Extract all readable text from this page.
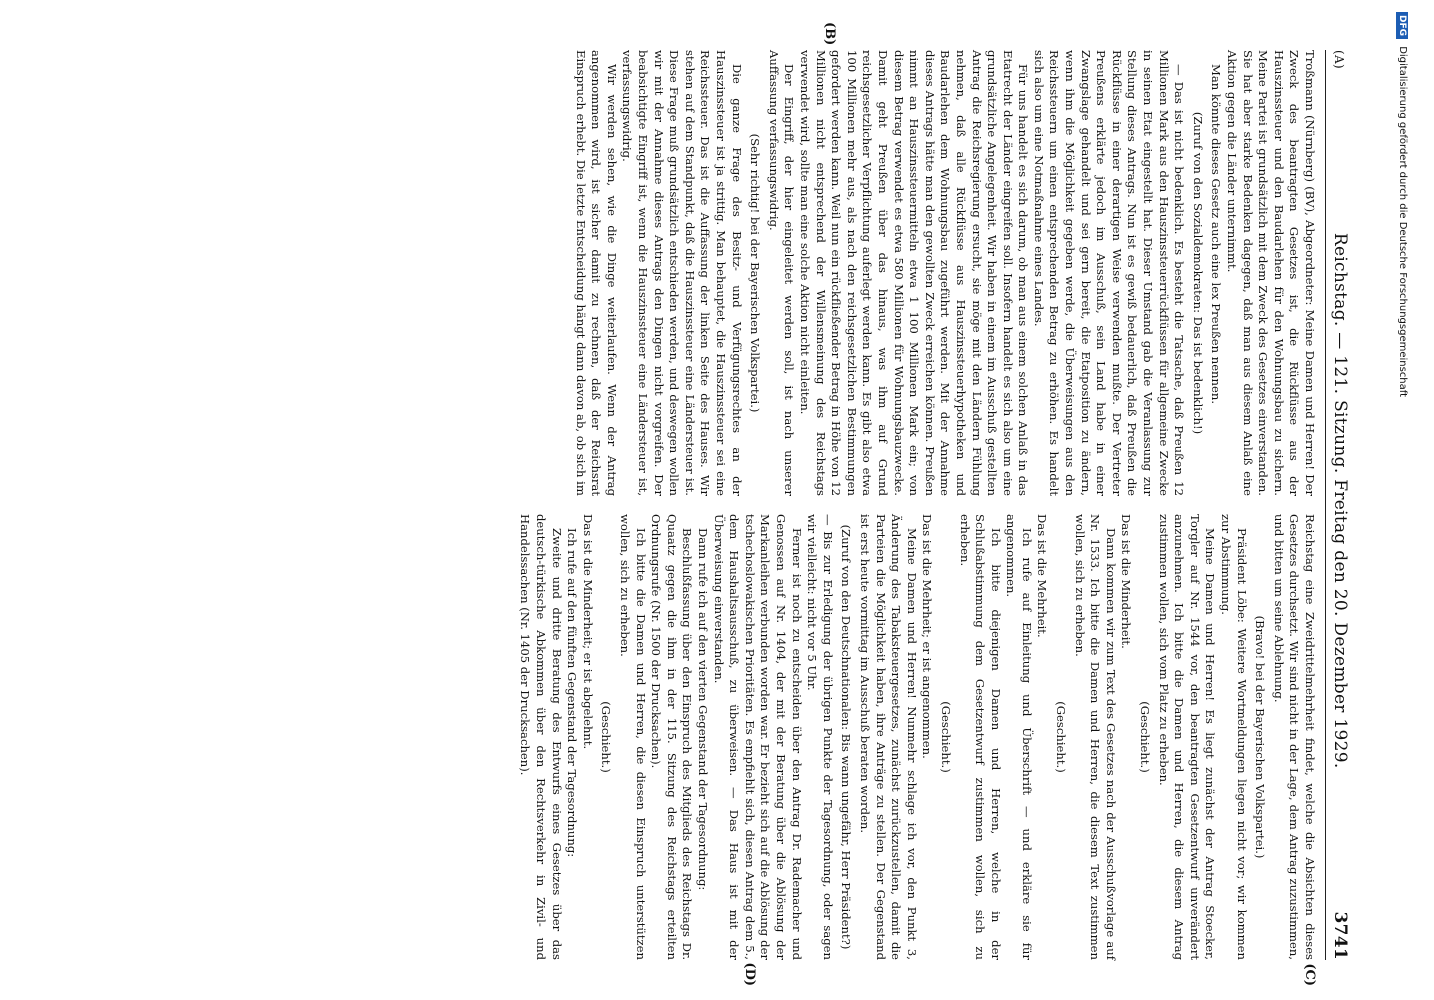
(A)
Reichstag. — 121. Sitzung. Freitag den 20. Dezember 1929.
3741
(B)
(C)
(D)

Troßmann (Nürnberg) (BV), Abgeordneter: Meine Damen und Herren! Der Zweck des beantragten Gesetzes ist, die Rückflüsse aus der Hauszinssteuer und den Baudarlehen für den Wohnungsbau zu sichern. Meine Partei ist grundsätzlich mit dem Zweck des Gesetzes einverstanden. Sie hat aber starke Bedenken dagegen, daß man aus diesem Anlaß eine Aktion gegen die Länder unternimmt.

Man könnte dieses Gesetz auch eine lex Preußen nennen.

(Zuruf von den Sozialdemokraten: Das ist bedenklich!)

— Das ist nicht bedenklich. Es besteht die Tatsache, daß Preußen 12 Millionen Mark aus den Hauszinssteuerrückflüssen für allgemeine Zwecke in seinen Etat eingestellt hat. Dieser Umstand gab die Veranlassung zur Stellung dieses Antrags. Nun ist es gewiß bedauerlich, daß Preußen die Rückflüsse in einer derartigen Weise verwenden mußte. Der Vertreter Preußens erklärte jedoch im Ausschuß, sein Land habe in einer Zwangslage gehandelt und sei gern bereit, die Etatposition zu ändern, wenn ihm die Möglichkeit gegeben werde, die Überweisungen aus den Reichssteuern um einen entsprechenden Betrag zu erhöhen. Es handelt sich also um eine Notmaßnahme eines Landes.

Für uns handelt es sich darum, ob man aus einem solchen Anlaß in das Etatrecht der Länder eingreifen soll. Insofern handelt es sich also um eine grundsätzliche Angelegenheit. Wir haben in einem im Ausschuß gestellten Antrag die Reichsregierung ersucht, sie möge mit den Ländern Fühlung nehmen, daß alle Rückflüsse aus Hauszinssteuerhypotheken und Baudarlehen dem Wohnungsbau zugeführt werden. Mit der Annahme dieses Antrags hätte man den gewollten Zweck erreichen können. Preußen nimmt an Hauszinssteuermitteln etwa 1 100 Millionen Mark ein; von diesem Betrag verwendet es etwa 580 Millionen für Wohnungsbauzwecke. Damit geht Preußen über das hinaus, was ihm auf Grund reichsgesetzlicher Verpflichtung auferlegt werden kann. Es gibt also etwa 100 Millionen mehr aus, als nach den reichsgesetzlichen Bestimmungen gefordert werden kann. Weil nun ein rückfließender Betrag in Höhe von 12 Millionen nicht entsprechend der Willensmeinung des Reichstags verwendet wird, sollte man eine solche Aktion nicht einleiten.

Der Eingriff, der hier eingeleitet werden soll, ist nach unserer Auffassung verfassungswidrig.

(Sehr richtig! bei der Bayerischen Volkspartei.)

Die ganze Frage des Besitz- und Verfügungsrechtes an der Hauszinssteuer ist ja strittig. Man behauptet, die Hauszinssteuer sei eine Reichssteuer. Das ist die Auffassung der linken Seite des Hauses. Wir stehen auf dem Standpunkt, daß die Hauszinssteuer eine Ländersteuer ist. Diese Frage muß grundsätzlich entschieden werden, und deswegen wollen wir mit der Annahme dieses Antrags den Dingen nicht vorgreifen. Der beabsichtigte Eingriff ist, wenn die Hauszinssteuer eine Ländersteuer ist, verfassungswidrig.

Wir werden sehen, wie die Dinge weiterlaufen. Wenn der Antrag angenommen wird, ist sicher damit zu rechnen, daß der Reichsrat Einspruch erhebt. Die letzte Entscheidung hängt dann davon ab, ob sich im

Reichstag eine Zweidrittelmehrheit findet, welche die Absichten dieses Gesetzes durchsetzt. Wir sind nicht in der Lage, dem Antrag zuzustimmen, und bitten um seine Ablehnung.

(Bravo! bei der Bayerischen Volkspartei.)

Präsident Löbe: Weitere Wortmeldungen liegen nicht vor; wir kommen zur Abstimmung.

Meine Damen und Herren! Es liegt zunächst der Antrag Stoecker, Torgler auf Nr. 1544 vor, den beantragten Gesetzentwurf unverändert anzunehmen. Ich bitte die Damen und Herren, die diesem Antrag zustimmen wollen, sich vom Platz zu erheben.

(Geschieht.)

Das ist die Minderheit.

Dann kommen wir zum Text des Gesetzes nach der Ausschußvorlage auf Nr. 1533. Ich bitte die Damen und Herren, die diesem Text zustimmen wollen, sich zu erheben.

(Geschieht.)

Das ist die Mehrheit.

Ich rufe auf Einleitung und Überschrift — und erkläre sie für angenommen.

Ich bitte diejenigen Damen und Herren, welche in der Schlußabstimmung dem Gesetzentwurf zustimmen wollen, sich zu erheben.

(Geschieht.)

Das ist die Mehrheit; er ist angenommen.

Meine Damen und Herren! Nunmehr schlage ich vor, den Punkt 3, Änderung des Tabaksteuergesetzes, zunächst zurückzustellen, damit die Parteien die Möglichkeit haben, ihre Anträge zu stellen. Der Gegenstand ist erst heute vormittag im Ausschuß beraten worden.

(Zuruf von den Deutschnationalen: Bis wann ungefähr, Herr Präsident?)

— Bis zur Erledigung der übrigen Punkte der Tagesordnung, oder sagen wir vielleicht: nicht vor 5 Uhr.

Ferner ist noch zu entscheiden über den Antrag Dr. Rademacher und Genossen auf Nr. 1404, der mit der Beratung über die Ablösung der Markanleihen verbunden worden war. Er bezieht sich auf die Ablösung der tschechoslowakischen Prioritäten. Es empfiehlt sich, diesen Antrag dem 5., dem Haushaltsausschuß, zu überweisen. — Das Haus ist mit der Überweisung einverstanden.

Dann rufe ich auf den vierten Gegenstand der Tagesordnung:

Beschlußfassung über den Einspruch des Mitglieds des Reichstags Dr. Quaatz gegen die ihm in der 115. Sitzung des Reichstags erteilten Ordnungsrufe (Nr. 1500 der Drucksachen).

Ich bitte die Damen und Herren, die diesen Einspruch unterstützen wollen, sich zu erheben.

(Geschieht.)

Das ist die Minderheit; er ist abgelehnt.

Ich rufe auf den fünften Gegenstand der Tagesordnung:

Zweite und dritte Beratung des Entwurfs eines Gesetzes über das deutsch-türkische Abkommen über den Rechtsverkehr in Zivil- und Handelssachen (Nr. 1405 der Drucksachen).

DFG Digitalisierung gefördert durch die Deutsche Forschungsgemeinschaft
